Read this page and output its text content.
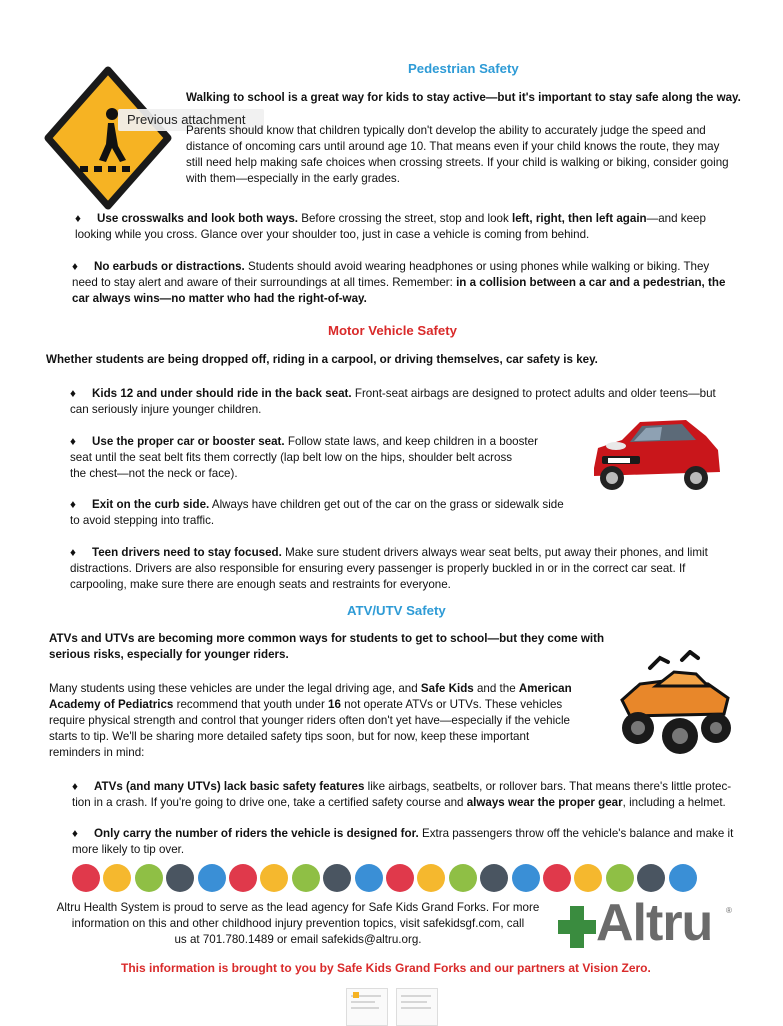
Previous attachment
Pedestrian Safety

Walking to school is a great way for kids to stay active—but it's important to stay safe along the way.

Parents should know that children typically don't develop the ability to accurately judge the speed and

distance of oncoming cars until around age 10. That means even if your child knows the route, they may

still need help making safe choices when crossing streets. If your child is walking or biking, consider going

with them—especially in the early grades.

♦ Use crosswalks and look both ways. Before crossing the street, stop and look left, right, then left again—and keep

looking while you cross. Glance over your shoulder too, just in case a vehicle is coming from behind.

♦ No earbuds or distractions. Students should avoid wearing headphones or using phones while walking or biking. They

need to stay alert and aware of their surroundings at all times. Remember: in a collision between a car and a pedestrian, the

car always wins—no matter who had the right-of-way.

Motor Vehicle Safety

Whether students are being dropped off, riding in a carpool, or driving themselves, car safety is key.

♦ Kids 12 and under should ride in the back seat. Front-seat airbags are designed to protect adults and older teens—but

can seriously injure younger children.

♦ Use the proper car or booster seat. Follow state laws, and keep children in a booster

seat until the seat belt fits them correctly (lap belt low on the hips, shoulder belt across

the chest—not the neck or face).

♦ Exit on the curb side. Always have children get out of the car on the grass or sidewalk side

to avoid stepping into traffic.

♦ Teen drivers need to stay focused. Make sure student drivers always wear seat belts, put away their phones, and limit

distractions. Drivers are also responsible for ensuring every passenger is properly buckled in or in the correct car seat. If

carpooling, make sure there are enough seats and restraints for everyone.

ATV/UTV Safety

ATVs and UTVs are becoming more common ways for students to get to school—but they come with

serious risks, especially for younger riders.

Many students using these vehicles are under the legal driving age, and Safe Kids and the American

Academy of Pediatrics recommend that youth under 16 not operate ATVs or UTVs. These vehicles

require physical strength and control that younger riders often don't yet have—especially if the vehicle

starts to tip. We'll be sharing more detailed safety tips soon, but for now, keep these important

reminders in mind:

♦ ATVs (and many UTVs) lack basic safety features like airbags, seatbelts, or rollover bars. That means there's little protec-

tion in a crash. If you're going to drive one, take a certified safety course and always wear the proper gear, including a helmet.

♦ Only carry the number of riders the vehicle is designed for. Extra passengers throw off the vehicle's balance and make it

more likely to tip over.

Altru Health System is proud to serve as the lead agency for Safe Kids Grand Forks. For more

information on this and other childhood injury prevention topics, visit safekidsgf.com, call

us at 701.780.1489 or email safekids@altru.org.	Altru ®

This information is brought to you by Safe Kids Grand Forks and our partners at Vision Zero.
